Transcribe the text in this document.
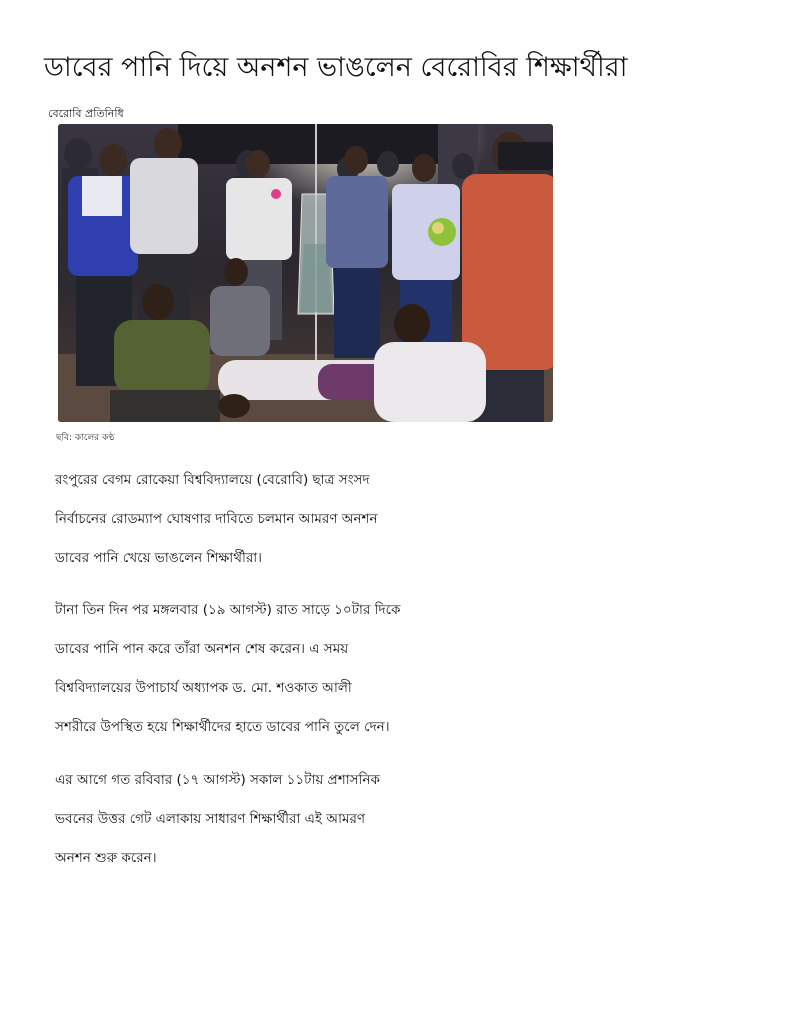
ডাবের পানি দিয়ে অনশন ভাঙলেন বেরোবির শিক্ষার্থীরা
বেরোবি প্রতিনিধি
ছবি: কালের কণ্ঠ
রংপুরের বেগম রোকেয়া বিশ্ববিদ্যালয়ে (বেরোবি) ছাত্র সংসদ
নির্বাচনের রোডম্যাপ ঘোষণার দাবিতে চলমান আমরণ অনশন
ডাবের পানি খেয়ে ভাঙলেন শিক্ষার্থীরা।
টানা তিন দিন পর মঙ্গলবার (১৯ আগস্ট) রাত সাড়ে ১০টার দিকে
ডাবের পানি পান করে তাঁরা অনশন শেষ করেন। এ সময়
বিশ্ববিদ্যালয়ের উপাচার্য অধ্যাপক ড. মো. শওকাত আলী
সশরীরে উপস্থিত হয়ে শিক্ষার্থীদের হাতে ডাবের পানি তুলে দেন।
এর আগে গত রবিবার (১৭ আগস্ট) সকাল ১১টায় প্রশাসনিক
ভবনের উত্তর গেট এলাকায় সাধারণ শিক্ষার্থীরা এই আমরণ
অনশন শুরু করেন।
